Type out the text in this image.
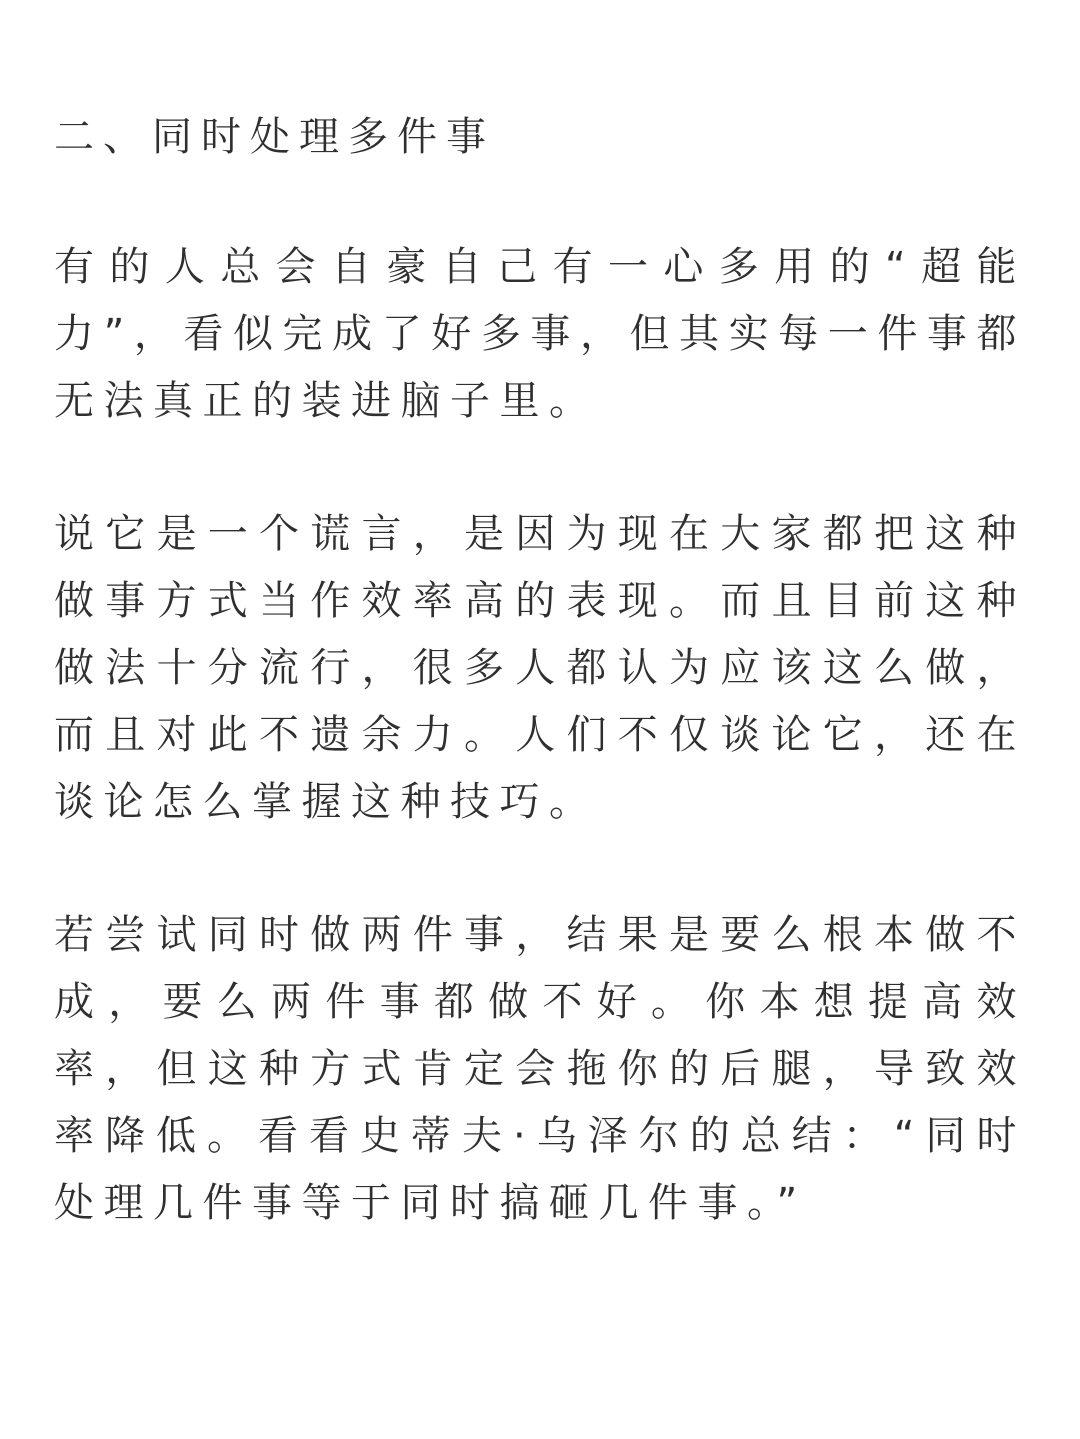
二、同时处理多件事

有的人总会自豪自己有一心多用的“超能力”，看似完成了好多事，但其实每一件事都无法真正的装进脑子里。

说它是一个谎言，是因为现在大家都把这种做事方式当作效率高的表现。而且目前这种做法十分流行，很多人都认为应该这么做，而且对此不遗余力。人们不仅谈论它，还在谈论怎么掌握这种技巧。

若尝试同时做两件事，结果是要么根本做不成，要么两件事都做不好。你本想提高效率，但这种方式肯定会拖你的后腿，导致效率降低。看看史蒂夫·乌泽尔的总结：“同时处理几件事等于同时搞砸几件事。”
